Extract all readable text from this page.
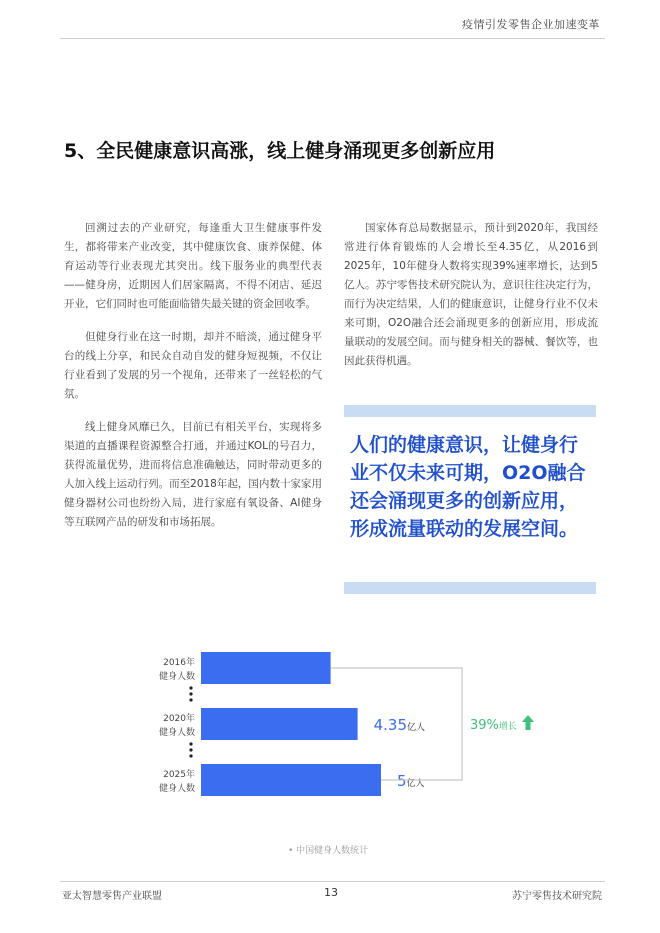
疫情引发零售企业加速变革
5、全民健康意识高涨，线上健身涌现更多创新应用

回溯过去的产业研究，每逢重大卫生健康事件发生，都将带来产业改变，其中健康饮食、康养保健、体育运动等行业表现尤其突出。线下服务业的典型代表——健身房，近期因人们居家隔离，不得不闭店、延迟开业，它们同时也可能面临错失最关键的资金回收季。

但健身行业在这一时期，却并不暗淡，通过健身平台的线上分享，和民众自动自发的健身短视频，不仅让行业看到了发展的另一个视角，还带来了一丝轻松的气氛。

线上健身风靡已久，目前已有相关平台，实现将多渠道的直播课程资源整合打通，并通过KOL的号召力，获得流量优势，进而将信息准确触达，同时带动更多的人加入线上运动行列。而至2018年起，国内数十家家用健身器材公司也纷纷入局，进行家庭有氧设备、AI健身等互联网产品的研发和市场拓展。

国家体育总局数据显示，预计到2020年，我国经常进行体育锻炼的人会增长至4.35亿，从2016到2025年，10年健身人数将实现39%速率增长，达到5亿人。苏宁零售技术研究院认为，意识往往决定行为，而行为决定结果，人们的健康意识，让健身行业不仅未来可期，O2O融合还会涌现更多的创新应用，形成流量联动的发展空间。而与健身相关的器械、餐饮等，也因此获得机遇。

人们的健康意识，让健身行业不仅未来可期，O2O融合还会涌现更多的创新应用，形成流量联动的发展空间。
2016年
健身人数
2020年
健身人数
2025年
健身人数
4.35亿人
5亿人
39%增长
• 中国健身人数统计
亚太智慧零售产业联盟	13	苏宁零售技术研究院
